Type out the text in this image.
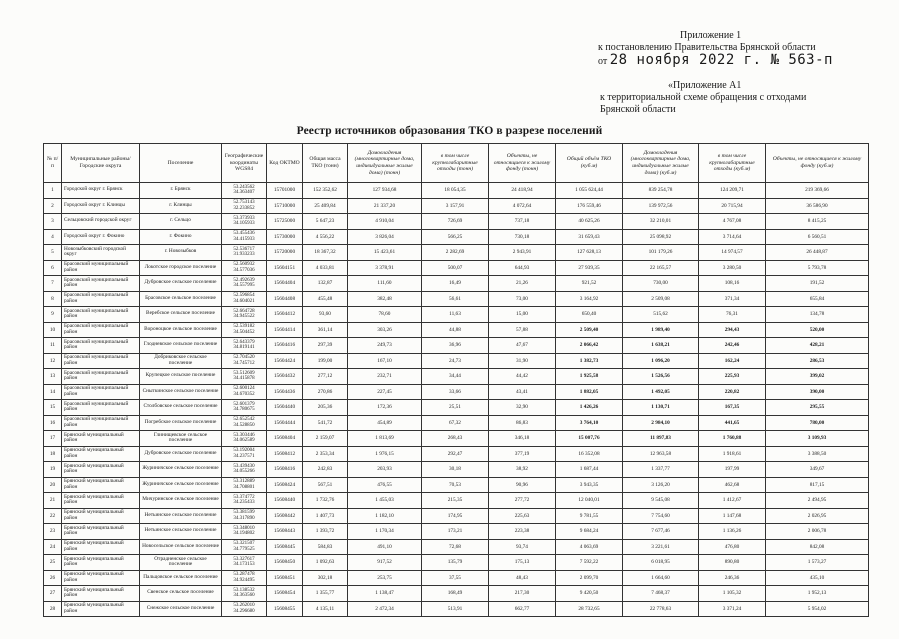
Приложение 1
к постановлению Правительства Брянской области
от 28 ноября 2022 г. № 563-п
«Приложение А1
к территориальной схеме обращения с отходами
Брянской области
Реестр источников образования ТКО в разрезе поселений
№ п/п	Муниципальные районы/Городские округа	Поселение	Географические координаты WGS84	Код ОКТМО	Общая масса ТКО (тонн)	Домовладения (многоквартирные дома, индивидуальные жилые дома) (тонн)	в том числе крупногабаритные отходы (тонн)	Объекты, не относящиеся к жилому фонду (тонн)	Общий объём ТКО (куб.м)	Домовладения (многоквартирные дома, индивидуальные жилые дома) (куб.м)	в том числе крупногабаритные отходы (куб.м)	Объекты, не относящиеся к жилому фонду (куб.м)
1	Городской округ г. Брянск	г. Брянск	53.243562 34.363407	15701000	152 352,62	127 934,68	18 054,35	24 418,94	1 055 624,44	839 254,78	124 209,71	219 369,66
2	Городской округ г. Клинцы	г. Клинцы	52.753143 32.233852	15710000	25 409,84	21 337,20	3 157,91	4 072,64	176 559,46	139 972,56	20 715,94	36 586,90
3	Сельцовский городской округ	г. Сельцо	53.373933 34.105933	15725000	5 647,23	4 910,04	726,69	737,18	40 625,26	32 210,01	4 767,08	8 415,25
4	Городской округ г. Фокино	г. Фокино	53.455436 34.415933	15730000	4 556,22	3 826,04	566,25	730,18	31 659,43	25 098,92	3 714,64	6 560,51
5	Новозыбковский городской округ	г. Новозыбков	52.536717 31.933233	15720000	18 367,32	15 423,61	2 282,69	2 943,91	127 628,13	101 179,26	14 974,57	26 448,87
6	Брасовский муниципальный район	Локотское городское поселение	52.560932 34.577036	15604151	4 033,81	3 378,91	500,07	644,93	27 939,35	22 165,57	3 280,50	5 793,78
7	Брасовский муниципальный район	Дубровское сельское поселение	52.492639 34.557995	15604404	132,87	111,60	16,49	21,26	921,52	730,00	108,16	191,52
8	Брасовский муниципальный район	Брасовское сельское поселение	52.596854 34.604021	15604408	455,48	382,48	56,61	73,00	3 164,92	2 509,08	371,34	655,84
9	Брасовский муниципальный район	Веребское сельское поселение	52.664728 34.945522	15604412	93,60	78,60	11,63	15,00	650,40	515,62	76,31	134,78
10	Брасовский муниципальный район	Вороноцкое сельское поселение	52.539182 34.504452	15604414	361,14	303,26	44,88	57,88	2 509,40	1 989,40	294,43	520,00
11	Брасовский муниципальный район	Глодневское сельское поселение	52.643379 34.819141	15604416	297,39	249,73	36,96	47,67	2 066,42	1 638,21	242,46	428,21
12	Брасовский муниципальный район	Добриковское сельское поселение	52.704520 34.745712	15604424	199,00	167,10	24,73	31,90	1 382,73	1 096,20	162,24	286,53
13	Брасовский муниципальный район	Крупецкое сельское поселение	53.512609 34.415878	15604432	277,12	232,71	34,44	44,42	1 925,58	1 526,56	225,93	399,02
14	Брасовский муниципальный район	Сныткинское сельское поселение	52.600124 34.670352	15604436	270,86	227,45	33,66	43,41	1 882,05	1 492,05	220,82	390,00
15	Брасовский муниципальный район	Столбовское сельское поселение	52.601379 34.780675	15604440	205,36	172,36	25,51	32,90	1 426,26	1 130,71	167,35	295,55
16	Брасовский муниципальный район	Погребское сельское поселение	52.652542 34.528850	15604444	541,72	454,89	67,32	86,83	3 764,10	2 984,10	441,65	780,00
17	Брянский муниципальный район	Глинищевское сельское поселение	53.303446 34.062589	15608404	2 159,07	1 813,69	268,43	346,18	15 007,76	11 897,83	1 760,88	3 109,93
18	Брянский муниципальный район	Дубровское сельское поселение	53.192004 34.237571	15608412	2 353,34	1 976,15	292,47	377,19	16 352,08	12 963,58	1 918,61	3 388,50
19	Брянский муниципальный район	Журиничское сельское поселение	53.439430 34.055266	15608416	242,83	203,93	30,18	38,92	1 687,44	1 337,77	197,99	349,67
20	Брянский муниципальный район	Журиничское сельское поселение	53.312889 34.708801	15608424	567,51	476,55	70,53	90,96	3 943,35	3 126,20	462,68	817,15
21	Брянский муниципальный район	Мичуринское сельское поселение	53.374772 34.235433	15608440	1 732,76	1 455,03	215,35	277,72	12 040,01	9 545,08	1 412,67	2 494,95
22	Брянский муниципальный район	Нетьинское сельское поселение	53.381599 34.317890	15608442	1 407,73	1 182,10	174,95	225,63	9 781,55	7 754,60	1 147,68	2 026,95
23	Брянский муниципальный район	Нетьинское сельское поселение	53.348010 34.194802	15608443	1 393,72	1 170,34	173,21	223,38	9 684,24	7 677,46	1 136,26	2 006,78
24	Брянский муниципальный район	Новосельское сельское поселение	53.321507 34.779525	15608445	584,83	491,10	72,68	93,74	4 063,69	3 221,61	476,80	842,08
25	Брянский муниципальный район	Отрадненское сельское поселение	53.327617 34.173153	15608450	1 092,63	917,52	135,79	175,13	7 592,22	6 018,95	890,80	1 573,27
26	Брянский муниципальный район	Пальцовское сельское поселение	53.287478 34.924495	15608451	302,18	253,75	37,55	48,43	2 099,70	1 664,60	246,36	435,10
27	Брянский муниципальный район	Свенское сельское поселение	53.138532 34.363560	15608454	1 355,77	1 138,47	168,49	217,30	9 420,50	7 468,37	1 105,32	1 952,13
28	Брянский муниципальный район	Снежское сельское поселение	53.262010 34.296680	15608455	4 135,11	2 472,34	513,91	662,77	28 732,65	22 778,63	3 371,24	5 954,02
